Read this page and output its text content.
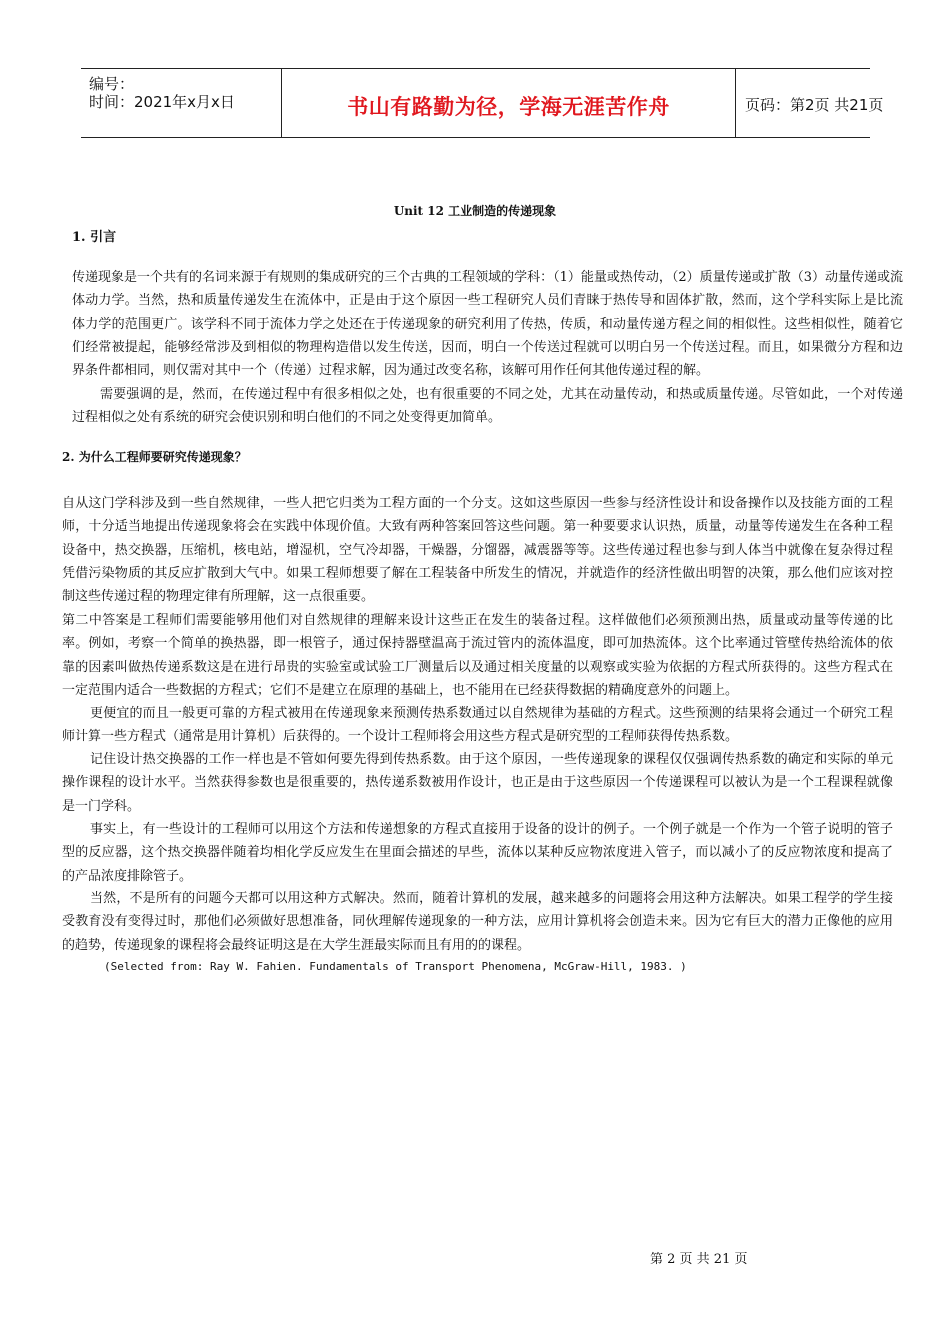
编号：
时间：2021年x月x日	书山有路勤为径，学海无涯苦作舟	页码：第2页 共21页
Unit 12 工业制造的传递现象
1. 引言
传递现象是一个共有的名词来源于有规则的集成研究的三个古典的工程领域的学科：（1）能量或热传动，（2）质量传递或扩散（3）动量传递或流体动力学。当然，热和质量传递发生在流体中，正是由于这个原因一些工程研究人员们青睐于热传导和固体扩散，然而，这个学科实际上是比流体力学的范围更广。该学科不同于流体力学之处还在于传递现象的研究利用了传热，传质，和动量传递方程之间的相似性。这些相似性，随着它们经常被提起，能够经常涉及到相似的物理构造借以发生传送，因而，明白一个传送过程就可以明白另一个传送过程。而且，如果微分方程和边界条件都相同，则仅需对其中一个（传递）过程求解，因为通过改变名称，该解可用作任何其他传递过程的解。
需要强调的是，然而，在传递过程中有很多相似之处，也有很重要的不同之处，尤其在动量传动，和热或质量传递。尽管如此，一个对传递过程相似之处有系统的研究会使识别和明白他们的不同之处变得更加简单。
2. 为什么工程师要研究传递现象？
自从这门学科涉及到一些自然规律，一些人把它归类为工程方面的一个分支。这如这些原因一些参与经济性设计和设备操作以及技能方面的工程师，十分适当地提出传递现象将会在实践中体现价值。大致有两种答案回答这些问题。第一种要要求认识热，质量，动量等传递发生在各种工程设备中，热交换器，压缩机，核电站，增湿机，空气冷却器，干燥器，分馏器，减震器等等。这些传递过程也参与到人体当中就像在复杂得过程凭借污染物质的其反应扩散到大气中。如果工程师想要了解在工程装备中所发生的情况，并就造作的经济性做出明智的决策，那么他们应该对控制这些传递过程的物理定律有所理解，这一点很重要。
第二中答案是工程师们需要能够用他们对自然规律的理解来设计这些正在发生的装备过程。这样做他们必须预测出热，质量或动量等传递的比率。例如，考察一个简单的换热器，即一根管子，通过保持器壁温高于流过管内的流体温度，即可加热流体。这个比率通过管壁传热给流体的依靠的因素叫做热传递系数这是在进行昂贵的实验室或试验工厂测量后以及通过相关度量的以观察或实验为依据的方程式所获得的。这些方程式在一定范围内适合一些数据的方程式；它们不是建立在原理的基础上，也不能用在已经获得数据的精确度意外的问题上。
更便宜的而且一般更可靠的方程式被用在传递现象来预测传热系数通过以自然规律为基础的方程式。这些预测的结果将会通过一个研究工程师计算一些方程式（通常是用计算机）后获得的。一个设计工程师将会用这些方程式是研究型的工程师获得传热系数。
记住设计热交换器的工作一样也是不管如何要先得到传热系数。由于这个原因，一些传递现象的课程仅仅强调传热系数的确定和实际的单元操作课程的设计水平。当然获得参数也是很重要的，热传递系数被用作设计，也正是由于这些原因一个传递课程可以被认为是一个工程课程就像是一门学科。
事实上，有一些设计的工程师可以用这个方法和传递想象的方程式直接用于设备的设计的例子。一个例子就是一个作为一个管子说明的管子型的反应器，这个热交换器伴随着均相化学反应发生在里面会描述的早些，流体以某种反应物浓度进入管子，而以减小了的反应物浓度和提高了的产品浓度排除管子。
当然，不是所有的问题今天都可以用这种方式解决。然而，随着计算机的发展，越来越多的问题将会用这种方法解决。如果工程学的学生接受教育没有变得过时，那他们必须做好思想准备，同伙理解传递现象的一种方法，应用计算机将会创造未来。因为它有巨大的潜力正像他的应用的趋势，传递现象的课程将会最终证明这是在大学生涯最实际而且有用的的课程。
(Selected from: Ray W. Fahien. Fundamentals of Transport Phenomena, McGraw-Hill, 1983. )
第 2 页 共 21 页
